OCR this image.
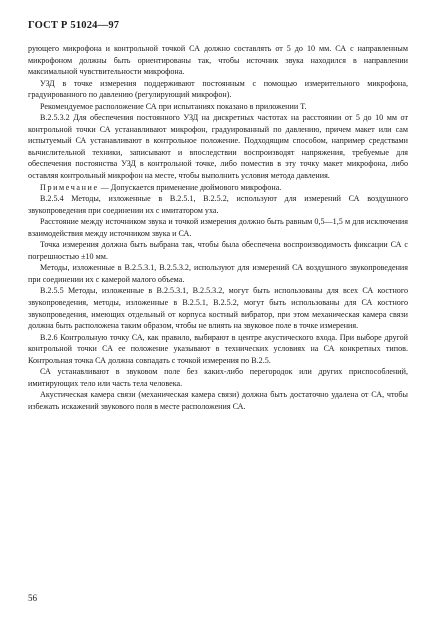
ГОСТ Р 51024—97

рующего микрофона и контрольной точкой СА должно составлять от 5 до 10 мм. СА с направленным микрофоном должны быть ориентированы так, чтобы источник звука находился в направлении максимальной чувствительности микрофона.

УЗД в точке измерения поддерживают постоянным с помощью измерительного микрофона, градуированного по давлению (регулирующий микрофон).

Рекомендуемое расположение СА при испытаниях показано в приложении Т.

В.2.5.3.2 Для обеспечения постоянного УЗД на дискретных частотах на расстоянии от 5 до 10 мм от контрольной точки СА устанавливают микрофон, градуированный по давлению, причем макет или сам испытуемый СА устанавливают в контрольное положение. Подходящим способом, например средствами вычислительной техники, записывают и впоследствии воспроизводят напряжения, требуемые для обеспечения постоянства УЗД в контрольной точке, либо поместив в эту точку макет микрофона, либо оставляя контрольный микрофон на месте, чтобы выполнить условия метода давления.

Примечание — Допускается применение дюймового микрофона.

В.2.5.4 Методы, изложенные в В.2.5.1, В.2.5.2, используют для измерений СА воздушного звукопроведения при соединении их с имитатором уха.

Расстояние между источником звука и точкой измерения должно быть равным 0,5—1,5 м для исключения взаимодействия между источником звука и СА.

Точка измерения должна быть выбрана так, чтобы была обеспечена воспроизводимость фиксации СА с погрешностью ±10 мм.

Методы, изложенные в В.2.5.3.1, В.2.5.3.2, используют для измерений СА воздушного звукопроведения при соединении их с камерой малого объема.

В.2.5.5 Методы, изложенные в В.2.5.3.1, В.2.5.3.2, могут быть использованы для всех СА костного звукопроведения, методы, изложенные в В.2.5.1, В.2.5.2, могут быть использованы для СА костного звукопроведения, имеющих отдельный от корпуса костный вибратор, при этом механическая камера связи должна быть расположена таким образом, чтобы не влиять на звуковое поле в точке измерения.

В.2.6 Контрольную точку СА, как правило, выбирают в центре акустического входа. При выборе другой контрольной точки СА ее положение указывают в технических условиях на СА конкретных типов. Контрольная точка СА должна совпадать с точкой измерения по В.2.5.

СА устанавливают в звуковом поле без каких-либо перегородок или других приспособлений, имитирующих тело или часть тела человека.

Акустическая камера связи (механическая камера связи) должна быть достаточно удалена от СА, чтобы избежать искажений звукового поля в месте расположения СА.

56
